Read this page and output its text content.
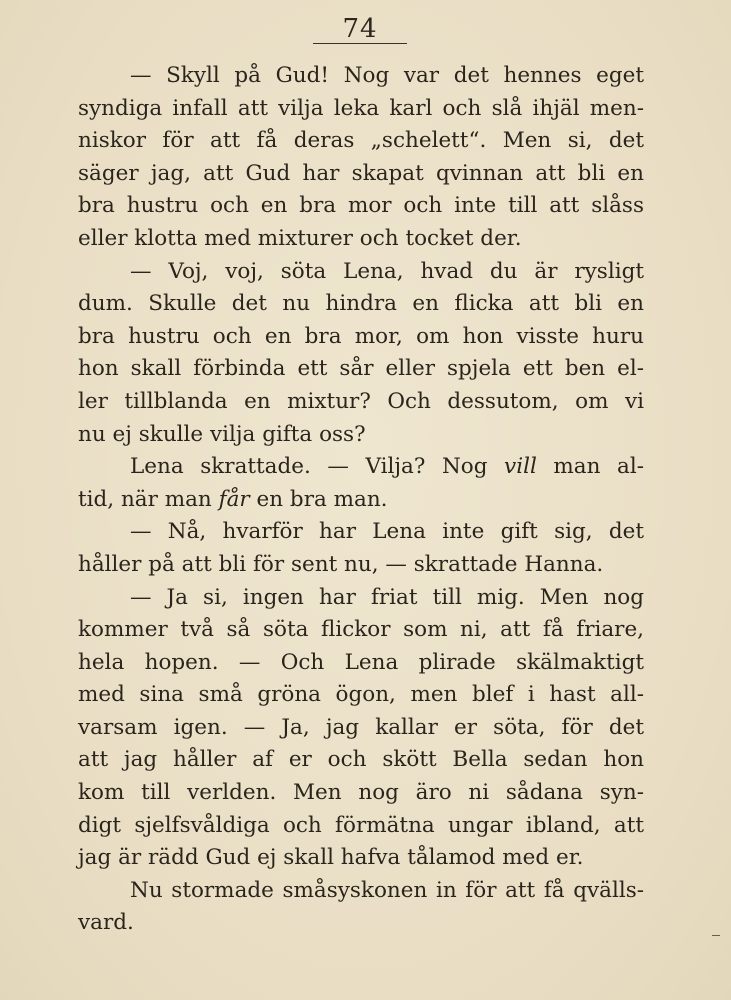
74
— Skyll på Gud! Nog var det hennes eget
syndiga infall att vilja leka karl och slå ihjäl men-
niskor för att få deras „schelett“. Men si, det
säger jag, att Gud har skapat qvinnan att bli en
bra hustru och en bra mor och inte till att slåss
eller klotta med mixturer och tocket der.
— Voj, voj, söta Lena, hvad du är rysligt
dum. Skulle det nu hindra en flicka att bli en
bra hustru och en bra mor, om hon visste huru
hon skall förbinda ett sår eller spjela ett ben el-
ler tillblanda en mixtur? Och dessutom, om vi
nu ej skulle vilja gifta oss?
Lena skrattade. — Vilja? Nog vill man al-
tid, när man får en bra man.
— Nå, hvarför har Lena inte gift sig, det
håller på att bli för sent nu, — skrattade Hanna.
— Ja si, ingen har friat till mig. Men nog
kommer två så söta flickor som ni, att få friare,
hela hopen. — Och Lena plirade skälmaktigt
med sina små gröna ögon, men blef i hast all-
varsam igen. — Ja, jag kallar er söta, för det
att jag håller af er och skött Bella sedan hon
kom till verlden. Men nog äro ni sådana syn-
digt sjelfsvåldiga och förmätna ungar ibland, att
jag är rädd Gud ej skall hafva tålamod med er.
Nu stormade småsyskonen in för att få qvälls-
vard.
